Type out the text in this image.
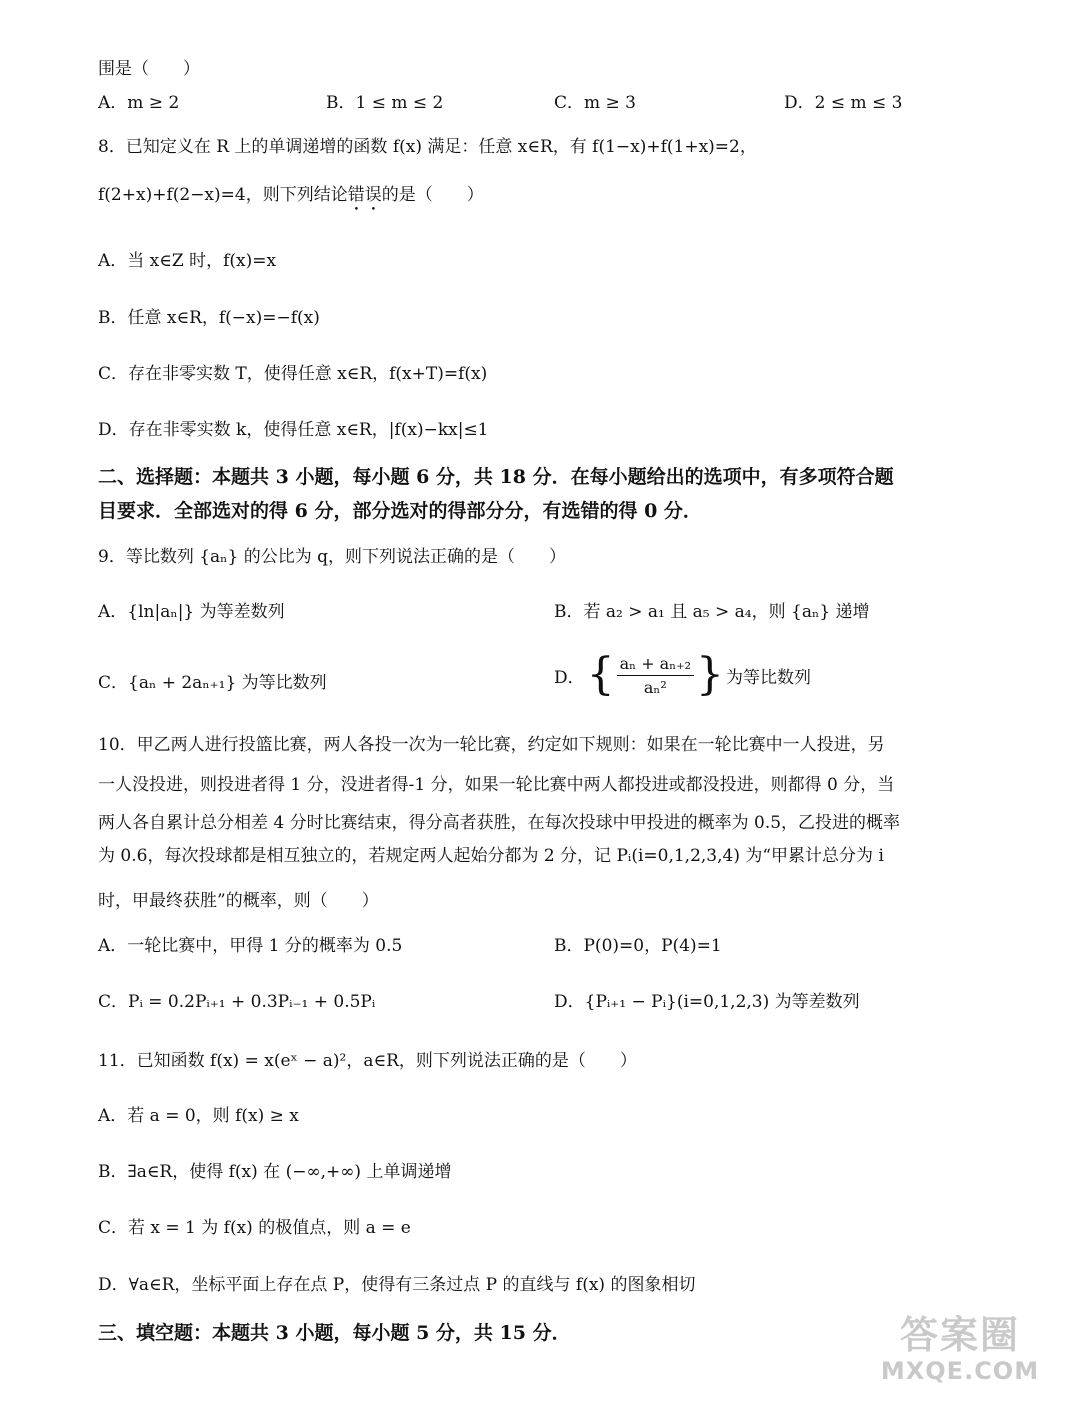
围是（　　）
A．m ≥ 2	B．1 ≤ m ≤ 2	C．m ≥ 3	D．2 ≤ m ≤ 3
8．已知定义在 R 上的单调递增的函数 f(x) 满足：任意 x∈R，有 f(1−x)+f(1+x)=2，
f(2+x)+f(2−x)=4，则下列结论错误的是（　　）
A．当 x∈Z 时，f(x)=x
B．任意 x∈R，f(−x)=−f(x)
C．存在非零实数 T，使得任意 x∈R，f(x+T)=f(x)
D．存在非零实数 k，使得任意 x∈R，|f(x)−kx|≤1
二、选择题：本题共 3 小题，每小题 6 分，共 18 分．在每小题给出的选项中，有多项符合题
目要求．全部选对的得 6 分，部分选对的得部分分，有选错的得 0 分．
9．等比数列 {aₙ} 的公比为 q，则下列说法正确的是（　　）
A．{ln|aₙ|} 为等差数列	B．若 a₂ > a₁ 且 a₅ > a₄，则 {aₙ} 递增
C．{aₙ + 2aₙ₊₁} 为等比数列	D． { $\frac{\text{aₙ + aₙ₊₂}}{\text{aₙ²}}$ } 为等比数列
10．甲乙两人进行投篮比赛，两人各投一次为一轮比赛，约定如下规则：如果在一轮比赛中一人投进，另
一人没投进，则投进者得 1 分，没进者得-1 分，如果一轮比赛中两人都投进或都没投进，则都得 0 分，当
两人各自累计总分相差 4 分时比赛结束，得分高者获胜，在每次投球中甲投进的概率为 0.5，乙投进的概率
为 0.6，每次投球都是相互独立的，若规定两人起始分都为 2 分，记 Pᵢ(i=0,1,2,3,4) 为“甲累计总分为 i
时，甲最终获胜”的概率，则（　　）
A．一轮比赛中，甲得 1 分的概率为 0.5	B．P(0)=0，P(4)=1
C．Pᵢ = 0.2Pᵢ₊₁ + 0.3Pᵢ₋₁ + 0.5Pᵢ	D．{Pᵢ₊₁ − Pᵢ}(i=0,1,2,3) 为等差数列
11．已知函数 f(x) = x(eˣ − a)²，a∈R，则下列说法正确的是（　　）
A．若 a = 0，则 f(x) ≥ x
B．∃a∈R，使得 f(x) 在 (−∞,+∞) 上单调递增
C．若 x = 1 为 f(x) 的极值点，则 a = e
D．∀a∈R，坐标平面上存在点 P，使得有三条过点 P 的直线与 f(x) 的图象相切
三、填空题：本题共 3 小题，每小题 5 分，共 15 分．	答案圈
MXQE.COM
